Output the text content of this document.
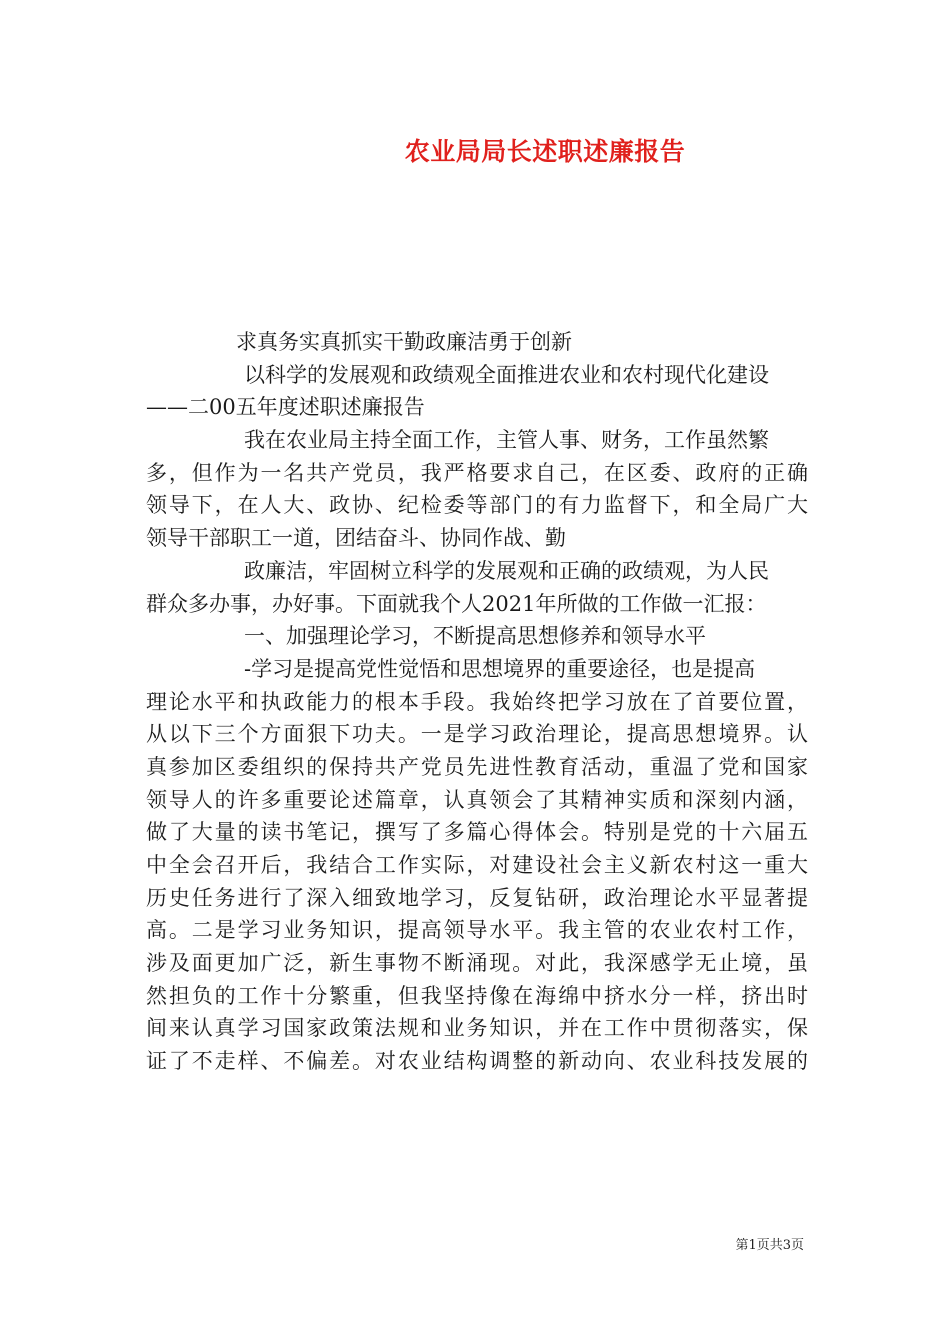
农业局局长述职述廉报告
求真务实真抓实干勤政廉洁勇于创新
以科学的发展观和政绩观全面推进农业和农村现代化建设
——二00五年度述职述廉报告
我在农业局主持全面工作，主管人事、财务，工作虽然繁
多，但作为一名共产党员，我严格要求自己，在区委、政府的正确
领导下，在人大、政协、纪检委等部门的有力监督下，和全局广大
领导干部职工一道，团结奋斗、协同作战、勤
政廉洁，牢固树立科学的发展观和正确的政绩观，为人民
群众多办事，办好事。下面就我个人2021年所做的工作做一汇报：
一、加强理论学习，不断提高思想修养和领导水平
-学习是提高党性觉悟和思想境界的重要途径，也是提高
理论水平和执政能力的根本手段。我始终把学习放在了首要位置，
从以下三个方面狠下功夫。一是学习政治理论，提高思想境界。认
真参加区委组织的保持共产党员先进性教育活动，重温了党和国家
领导人的许多重要论述篇章，认真领会了其精神实质和深刻内涵，
做了大量的读书笔记，撰写了多篇心得体会。特别是党的十六届五
中全会召开后，我结合工作实际，对建设社会主义新农村这一重大
历史任务进行了深入细致地学习，反复钻研，政治理论水平显著提
高。二是学习业务知识，提高领导水平。我主管的农业农村工作，
涉及面更加广泛，新生事物不断涌现。对此，我深感学无止境，虽
然担负的工作十分繁重，但我坚持像在海绵中挤水分一样，挤出时
间来认真学习国家政策法规和业务知识，并在工作中贯彻落实，保
证了不走样、不偏差。对农业结构调整的新动向、农业科技发展的
第1页共3页
